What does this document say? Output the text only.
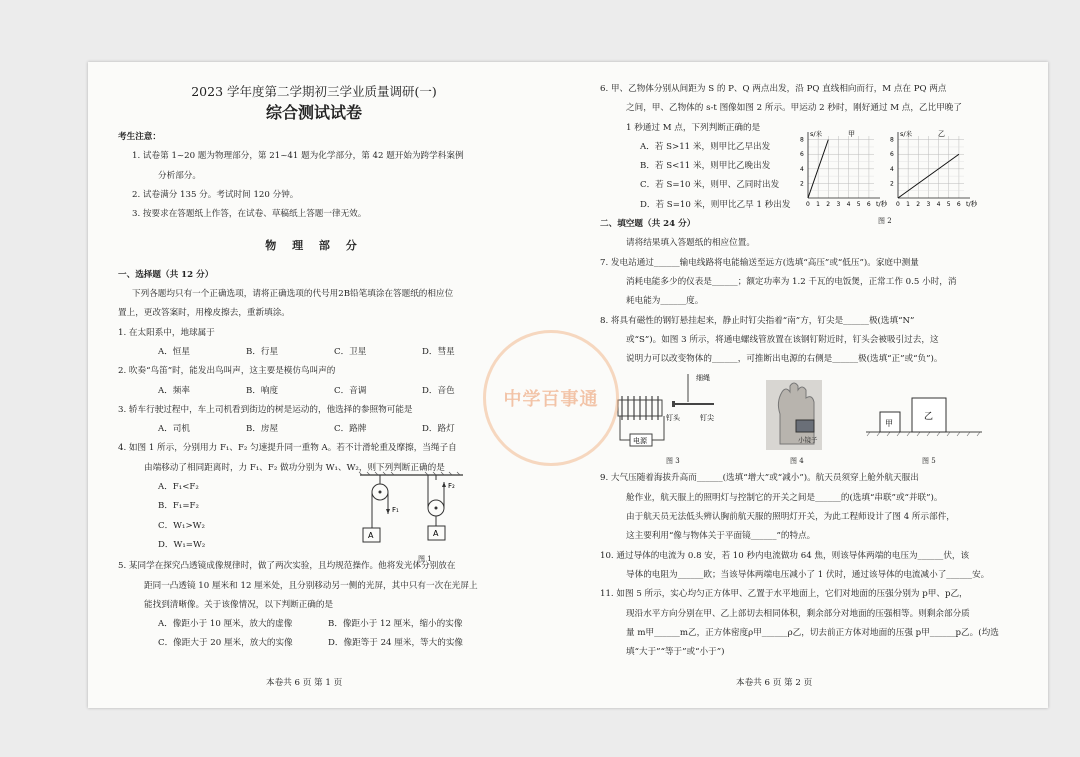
2023 学年度第二学期初三学业质量调研(一)
综合测试试卷
考生注意：
1. 试卷第 1~20 题为物理部分，第 21~41 题为化学部分，第 42 题开始为跨学科案例
分析部分。
2. 试卷满分 135 分。考试时间 120 分钟。
3. 按要求在答题纸上作答，在试卷、草稿纸上答题一律无效。
物 理 部 分
一、选择题（共 12 分）
下列各题均只有一个正确选项，请将正确选项的代号用2B铅笔填涂在答题纸的相应位
置上，更改答案时，用橡皮擦去，重新填涂。
1. 在太阳系中，地球属于
A．恒星	B．行星	C．卫星	D．彗星
2. 吹奏“鸟笛”时，能发出鸟叫声，这主要是模仿鸟叫声的
A．频率	B．响度	C．音调	D．音色
3. 轿车行驶过程中，车上司机看到街边的树是运动的，他选择的参照物可能是
A．司机	B．房屋	C．路牌	D．路灯
4. 如图 1 所示，分别用力 F₁、F₂ 匀速提升同一重物 A。若不计滑轮重及摩擦，当绳子自
由端移动了相同距离时，力 F₁、F₂ 做功分别为 W₁、W₂，则下列判断正确的是
A．F₁<F₂
B．F₁=F₂
C．W₁>W₂
D．W₁=W₂
F₁
A
F₂
A
图 1
5. 某同学在探究凸透镜成像规律时，做了两次实验，且均规范操作。他将发光体分别放在
距同一凸透镜 10 厘米和 12 厘米处，且分别移动另一侧的光屏，其中只有一次在光屏上
能找到清晰像。关于该像情况，以下判断正确的是
A．像距小于 10 厘米，放大的虚像	B．像距小于 12 厘米，缩小的实像
C．像距大于 20 厘米，放大的实像	D．像距等于 24 厘米，等大的实像
本卷共 6 页 第 1 页
6. 甲、乙物体分别从间距为 S 的 P、Q 两点出发，沿 PQ 直线相向而行，M 点在 PQ 两点
之间，甲、乙物体的 s-t 图像如图 2 所示。甲运动 2 秒时，刚好通过 M 点，乙比甲晚了
1 秒通过 M 点，下列判断正确的是
A．若 S>11 米，则甲比乙早出发
B．若 S<11 米，则甲比乙晚出发
C．若 S=10 米，则甲、乙同时出发
D．若 S=10 米，则甲比乙早 1 秒出发	0 1 2 3 4 5 6
2
4
6
8
s/米
t/秒
甲
0 1 2 3 4 5 6
2
4
6
8
s/米
t/秒
乙
图 2
二、填空题（共 24 分）
请将结果填入答题纸的相应位置。
7. 发电站通过______输电线路将电能输送至远方(选填“高压”或“低压”)。家庭中测量
消耗电能多少的仪表是______；额定功率为 1.2 千瓦的电饭煲，正常工作 0.5 小时，消
耗电能为______度。
8. 将具有磁性的钢钉悬挂起来，静止时钉尖指着“南”方，钉尖是______极(选填“N”
或“S”)。如图 3 所示，将通电螺线管放置在该钢钉附近时，钉头会被吸引过去，这
说明力可以改变物体的______，可推断出电源的右侧是______极(选填“正”或“负”)。
细绳
钉头	钉尖
电源
图 3
小镜子
图 4
甲
乙
图 5
9. 大气压随着海拔升高而______(选填“增大”或“减小”)。航天员须穿上舱外航天服出
舱作业，航天服上的照明灯与控制它的开关之间是______的(选填“串联”或“并联”)。
由于航天员无法低头辨认胸前航天服的照明灯开关，为此工程师设计了图 4 所示部件，
这主要利用“像与物体关于平面镜______”的特点。
10. 通过导体的电流为 0.8 安，若 10 秒内电流做功 64 焦，则该导体两端的电压为______伏，该
导体的电阻为______欧；当该导体两端电压减小了 1 伏时，通过该导体的电流减小了______安。
11. 如图 5 所示，实心均匀正方体甲、乙置于水平地面上，它们对地面的压强分别为 p甲、p乙，
现沿水平方向分别在甲、乙上部切去相同体积，剩余部分对地面的压强相等。则剩余部分质
量 m甲______m乙，正方体密度ρ甲______ρ乙，切去前正方体对地面的压强 p甲______p乙。(均选
填“大于”“等于”或“小于”)
本卷共 6 页 第 2 页
中学百事通
